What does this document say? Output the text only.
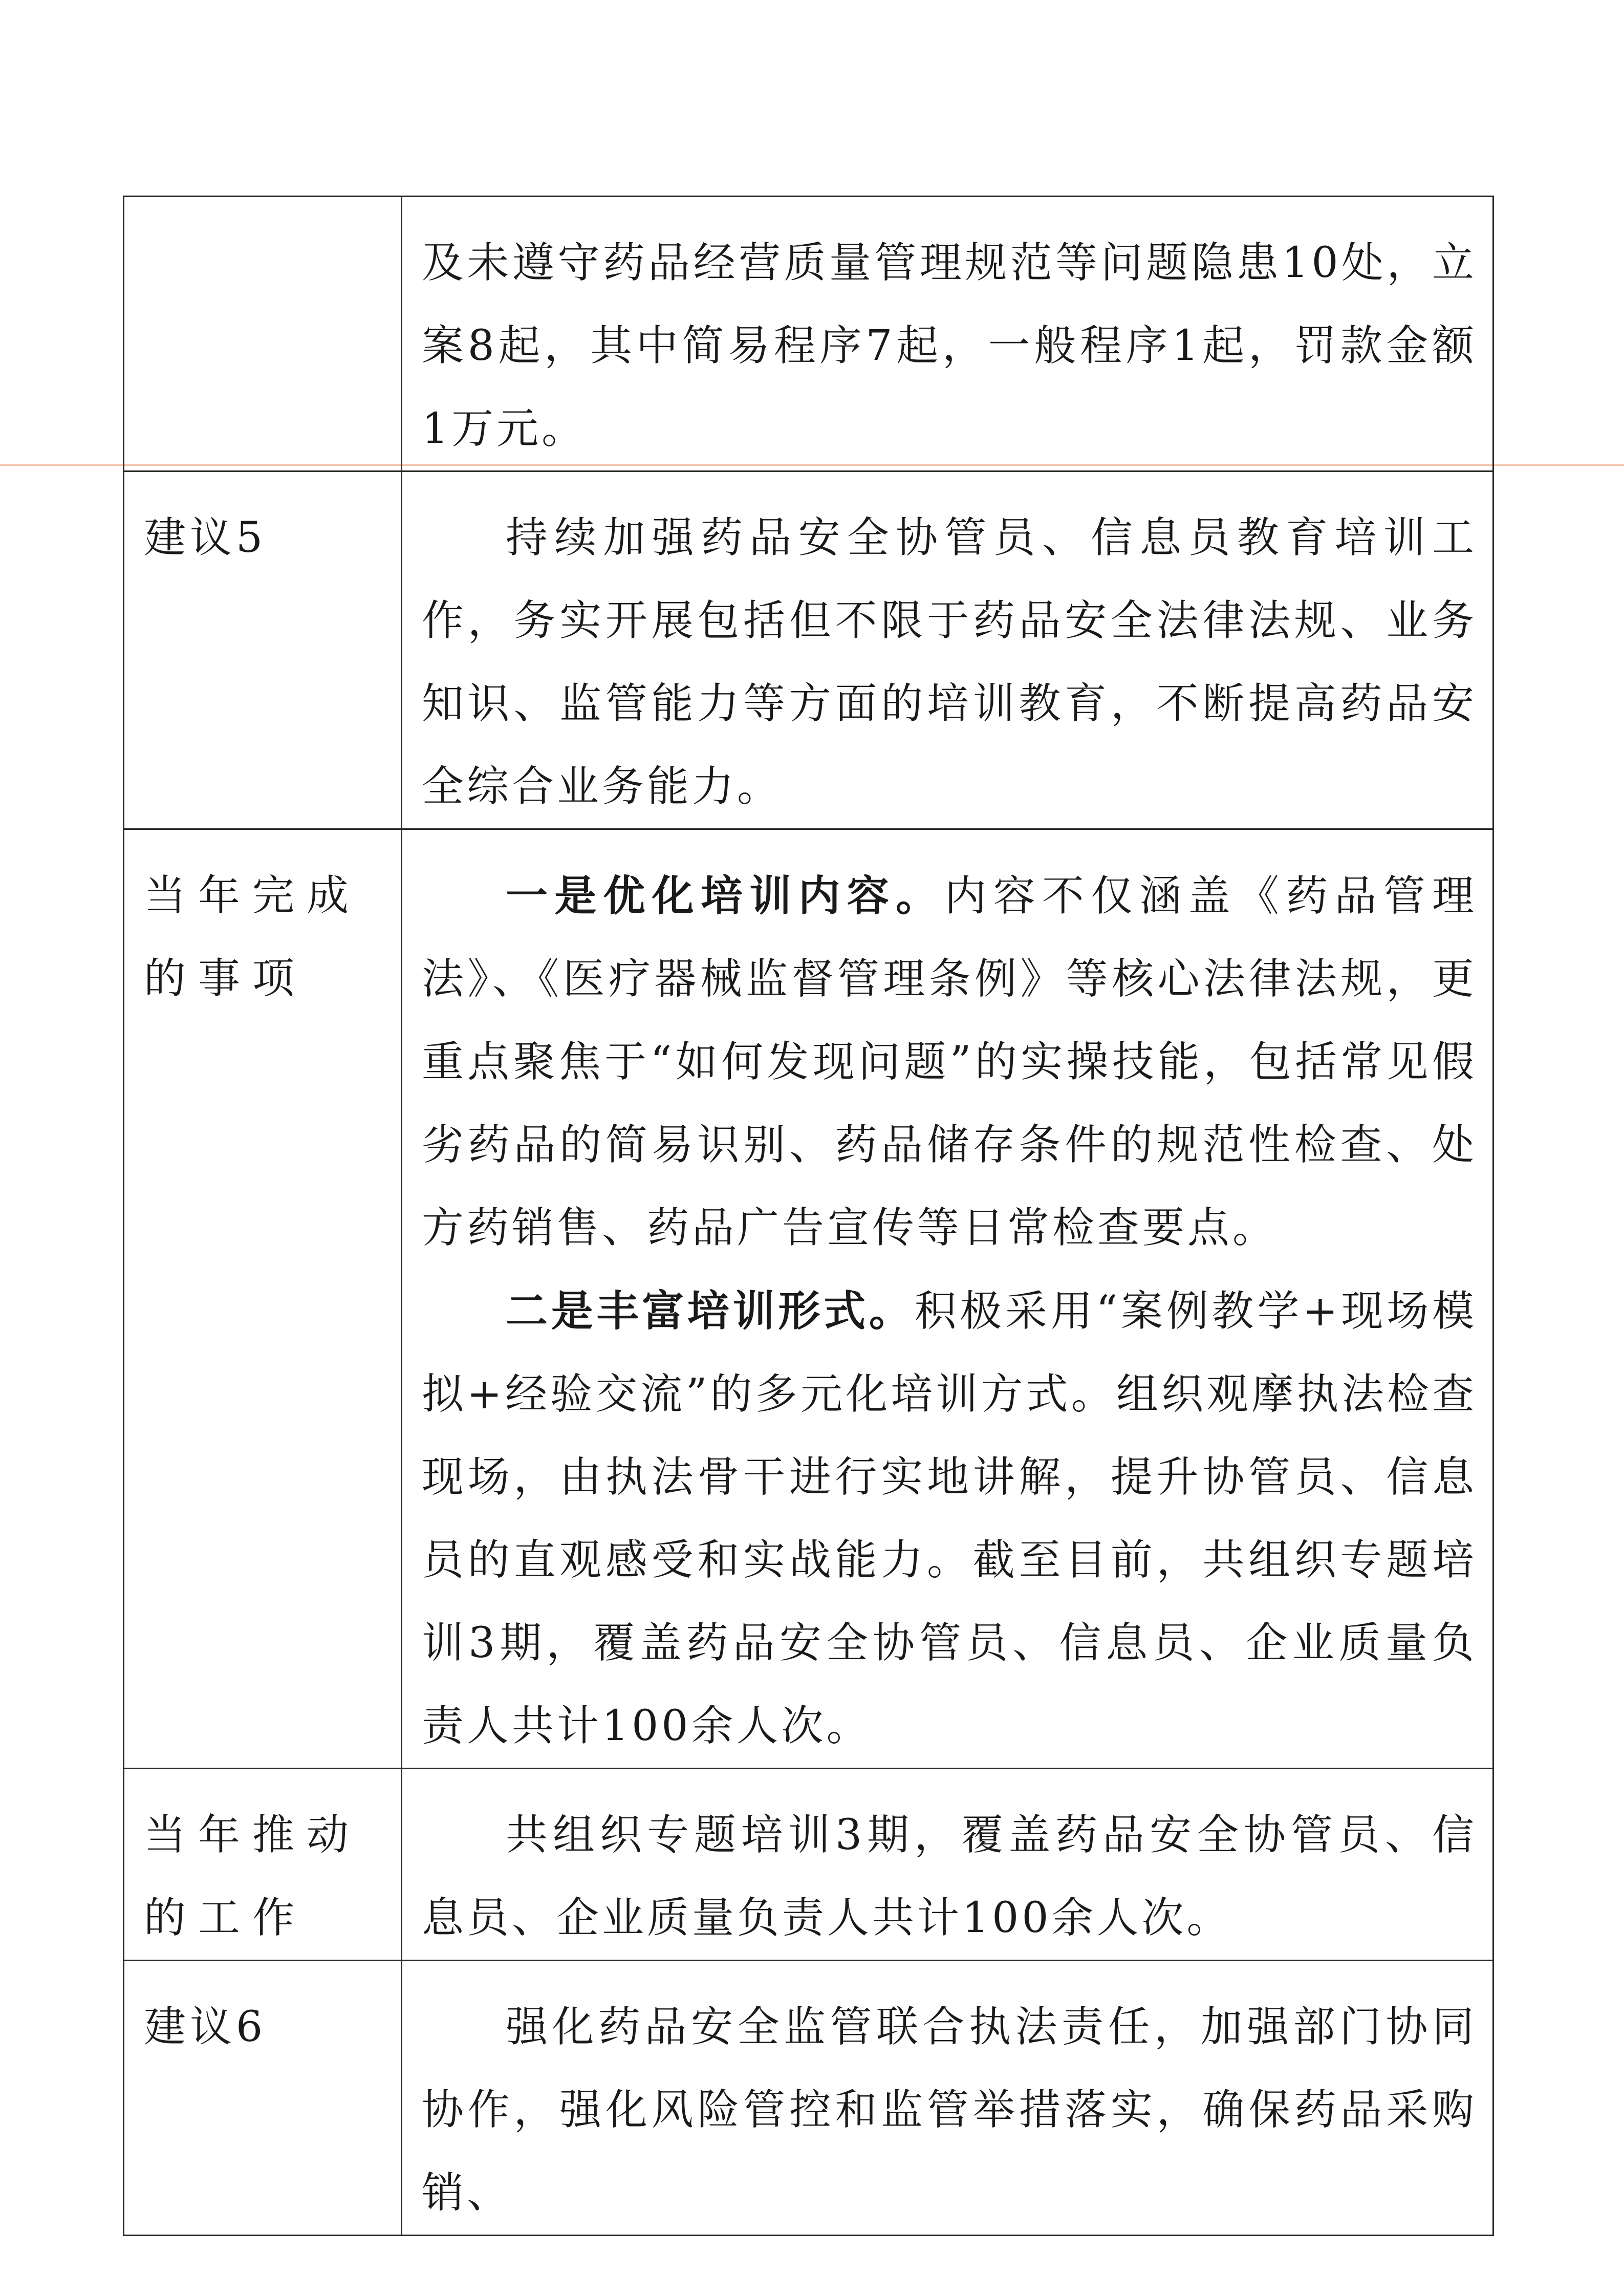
	及未遵守药品经营质量管理规范等问题隐患10处，立案8起，其中简易程序7起，一般程序1起，罚款金额1万元。

建议5	持续加强药品安全协管员、信息员教育培训工作，务实开展包括但不限于药品安全法律法规、业务知识、监管能力等方面的培训教育，不断提高药品安全综合业务能力。

当年完成的事项	一是优化培训内容。内容不仅涵盖《药品管理法》、《医疗器械监督管理条例》等核心法律法规，更重点聚焦于“如何发现问题”的实操技能，包括常见假劣药品的简易识别、药品储存条件的规范性检查、处方药销售、药品广告宣传等日常检查要点。

二是丰富培训形式。积极采用“案例教学+现场模拟+经验交流”的多元化培训方式。组织观摩执法检查现场，由执法骨干进行实地讲解，提升协管员、信息员的直观感受和实战能力。截至目前，共组织专题培训3期，覆盖药品安全协管员、信息员、企业质量负责人共计100余人次。

当年推动的工作	共组织专题培训3期，覆盖药品安全协管员、信息员、企业质量负责人共计100余人次。

建议6	强化药品安全监管联合执法责任，加强部门协同协作，强化风险管控和监管举措落实，确保药品采购销、
